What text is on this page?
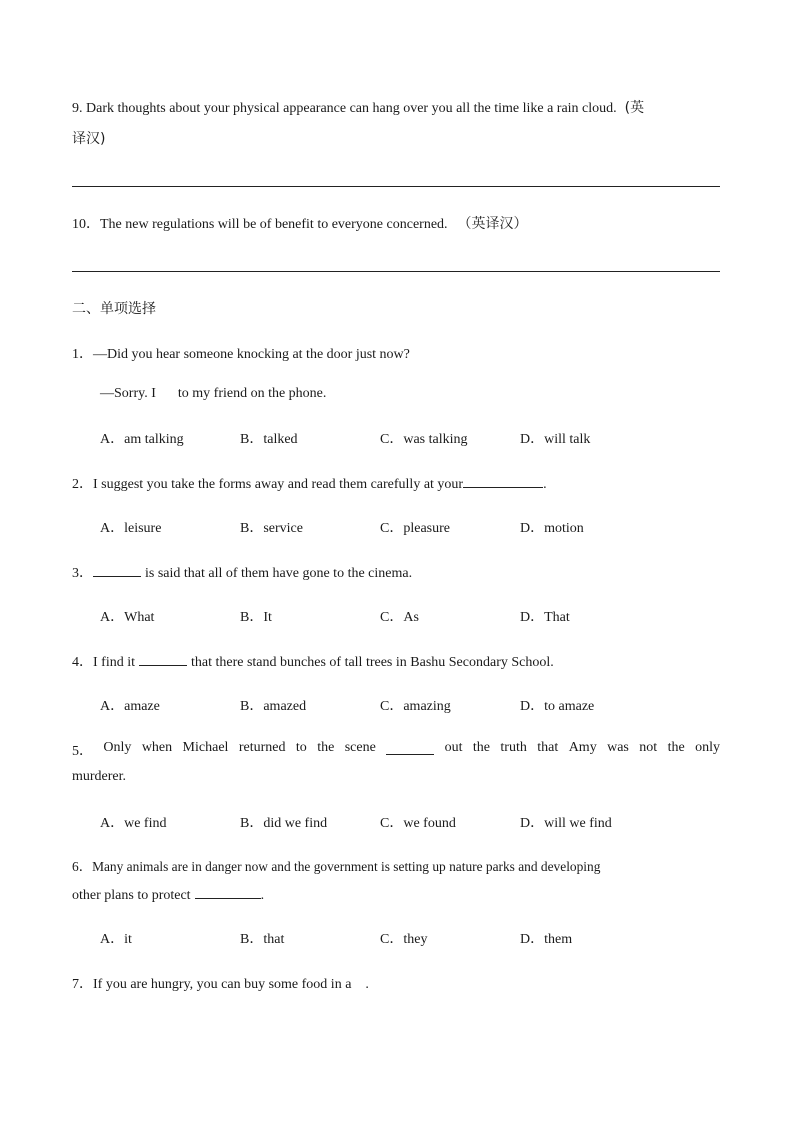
9. Dark thoughts about your physical appearance can hang over you all the time like a rain cloud. (英
译汉)
10．The new regulations will be of benefit to everyone concerned. （英译汉）
二、单项选择
1．—Did you hear someone knocking at the door just now?
—Sorry. I to my friend on the phone.
A．am talking	B．talked	C．was talking	D．will talk
2．I suggest you take the forms away and read them carefully at your	.
A．leisure	B．service	C．pleasure	D．motion
3．	is said that all of them have gone to the cinema.
A．What	B．It	C．As	D．That
4．I find it	that there stand bunches of tall trees in Bashu Secondary School.
A．amaze	B．amazed	C．amazing	D．to amaze
5． Only when Michael returned to the scene	out the truth that Amy was not the only
murderer.
A．we find	B．did we find	C．we found	D．will we find
6．Many animals are in danger now and the government is setting up nature parks and developing
other plans to protect	.
A．it	B．that	C．they	D．them
7．If you are hungry, you can buy some food in a .
